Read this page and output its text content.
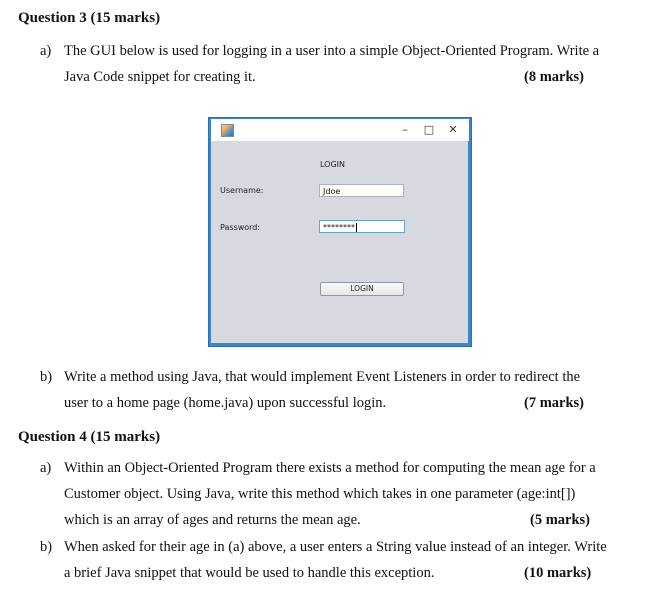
Question 3 (15 marks)
a) The GUI below is used for logging in a user into a simple Object-Oriented Program. Write a
Java Code snippet for creating it.	(8 marks)
–	□	✕
LOGIN
Username:	Jdoe
Password:	********
LOGIN
b) Write a method using Java, that would implement Event Listeners in order to redirect the
user to a home page (home.java) upon successful login.	(7 marks)
Question 4 (15 marks)
a) Within an Object-Oriented Program there exists a method for computing the mean age for a
Customer object. Using Java, write this method which takes in one parameter (age:int[])
which is an array of ages and returns the mean age.	(5 marks)
b) When asked for their age in (a) above, a user enters a String value instead of an integer. Write
a brief Java snippet that would be used to handle this exception.	(10 marks)
